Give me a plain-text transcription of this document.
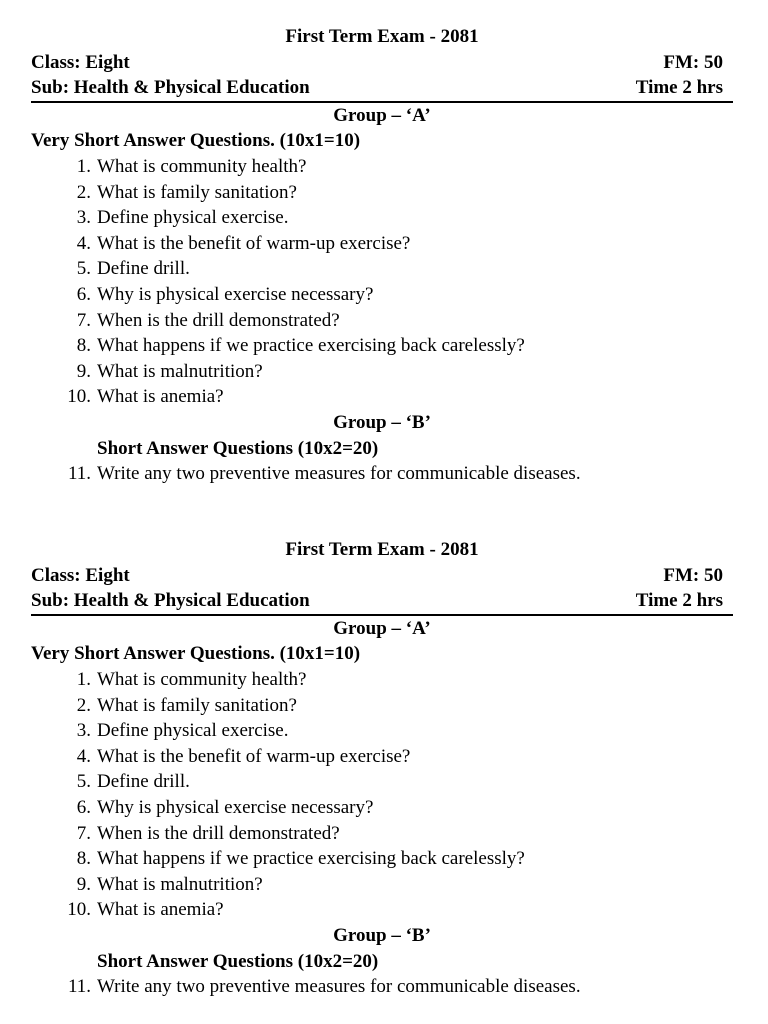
First Term Exam - 2081
Class: Eight	FM: 50
Sub: Health & Physical Education	Time 2 hrs
Group – ‘A’
Very Short Answer Questions. (10x1=10)
1. What is community health?
2. What is family sanitation?
3. Define physical exercise.
4. What is the benefit of warm-up exercise?
5. Define drill.
6. Why is physical exercise necessary?
7. When is the drill demonstrated?
8. What happens if we practice exercising back carelessly?
9. What is malnutrition?
10. What is anemia?
Group – ‘B’
Short Answer Questions (10x2=20)
11. Write any two preventive measures for communicable diseases.
First Term Exam - 2081
Class: Eight	FM: 50
Sub: Health & Physical Education	Time 2 hrs
Group – ‘A’
Very Short Answer Questions. (10x1=10)
1. What is community health?
2. What is family sanitation?
3. Define physical exercise.
4. What is the benefit of warm-up exercise?
5. Define drill.
6. Why is physical exercise necessary?
7. When is the drill demonstrated?
8. What happens if we practice exercising back carelessly?
9. What is malnutrition?
10. What is anemia?
Group – ‘B’
Short Answer Questions (10x2=20)
11. Write any two preventive measures for communicable diseases.
